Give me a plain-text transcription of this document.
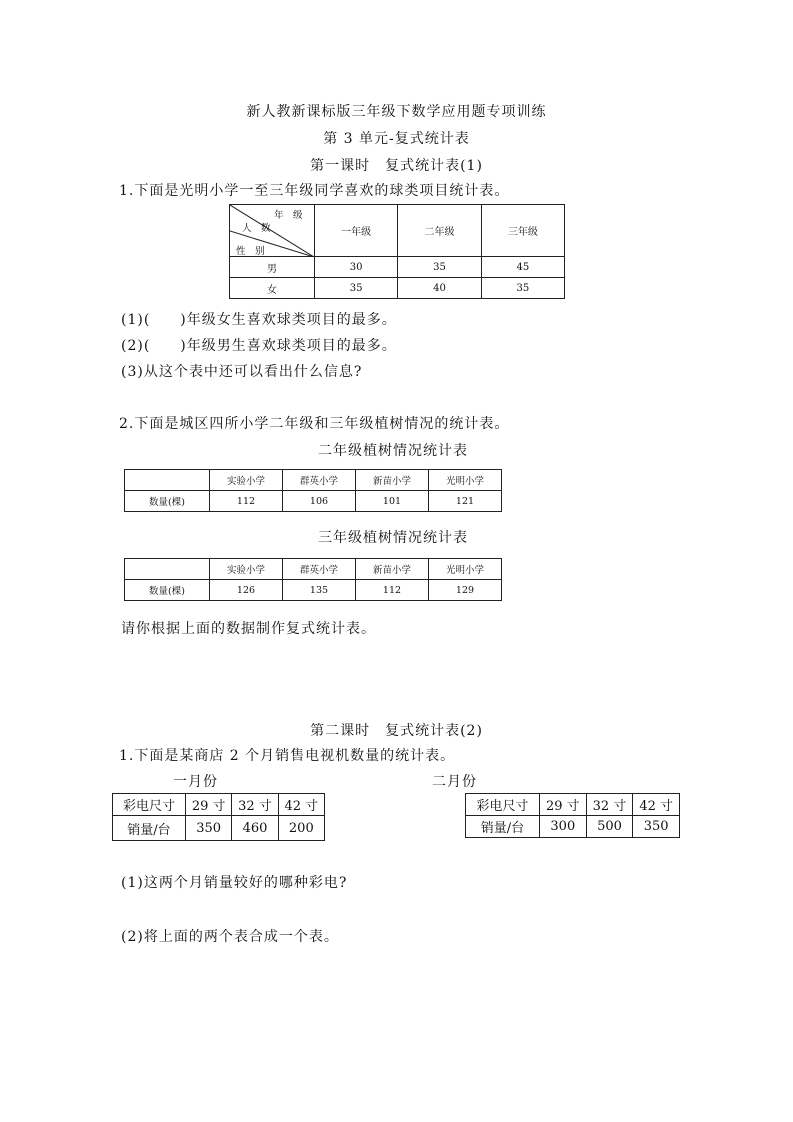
新人教新课标版三年级下数学应用题专项训练
第 3 单元-复式统计表
第一课时　复式统计表(1)
1.下面是光明小学一至三年级同学喜欢的球类项目统计表。
年　级
人　数
性　别	一年级	二年级	三年级
男	30	35	45
女	35	40	35
(1)(　　)年级女生喜欢球类项目的最多。
(2)(　　)年级男生喜欢球类项目的最多。
(3)从这个表中还可以看出什么信息?
2.下面是城区四所小学二年级和三年级植树情况的统计表。
二年级植树情况统计表
	实验小学	群英小学	新苗小学	光明小学
数量(棵)	112	106	101	121
三年级植树情况统计表
	实验小学	群英小学	新苗小学	光明小学
数量(棵)	126	135	112	129
请你根据上面的数据制作复式统计表。
第二课时　复式统计表(2)
1.下面是某商店 2 个月销售电视机数量的统计表。
一月份	二月份
彩电尺寸	29 寸	32 寸	42 寸
销量/台	350	460	200
彩电尺寸	29 寸	32 寸	42 寸
销量/台	300	500	350
(1)这两个月销量较好的哪种彩电?
(2)将上面的两个表合成一个表。
